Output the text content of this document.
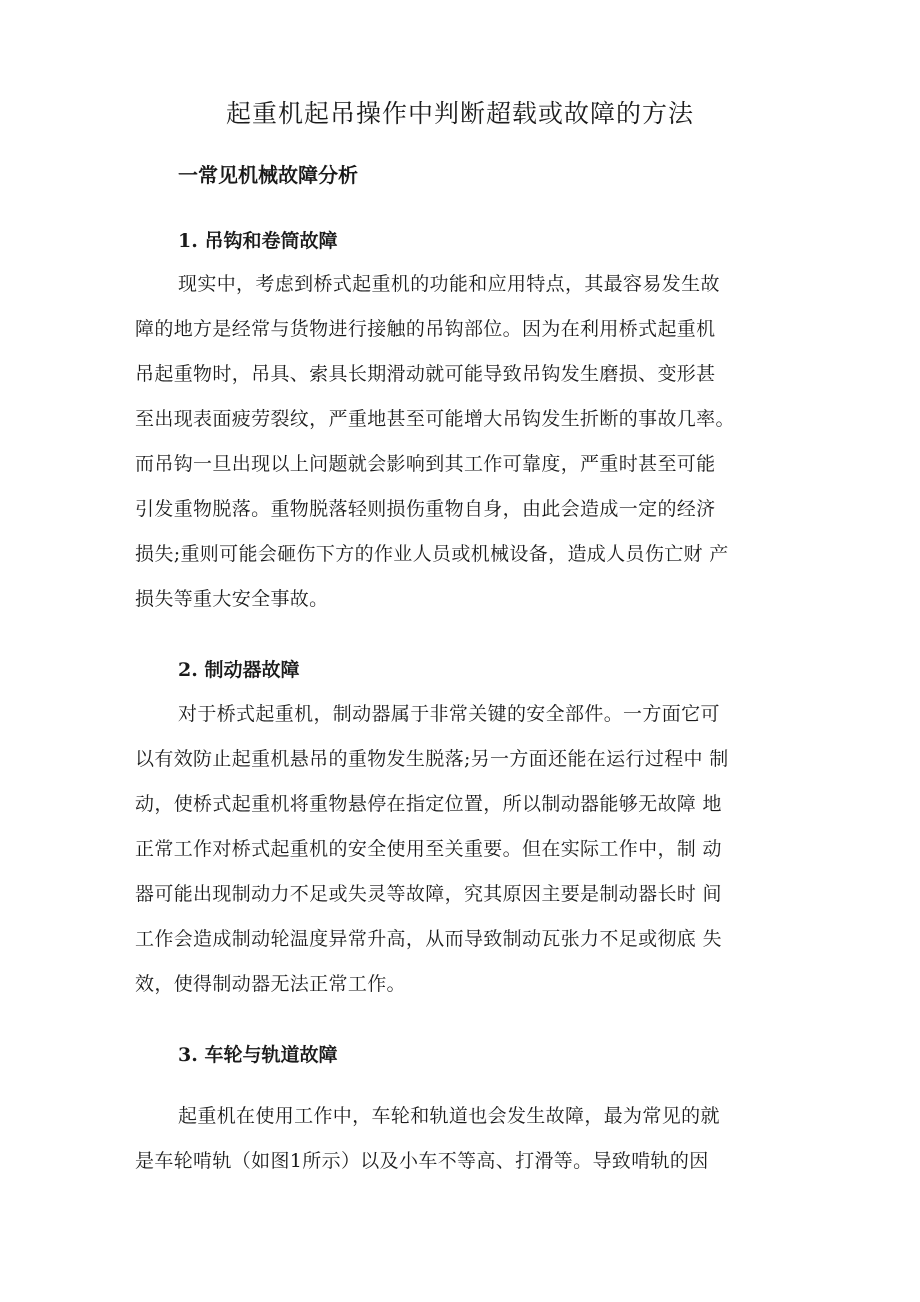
起重机起吊操作中判断超载或故障的方法
一常见机械故障分析
1. 吊钩和卷筒故障
现实中，考虑到桥式起重机的功能和应用特点，其最容易发生故
障的地方是经常与货物进行接触的吊钩部位。因为在利用桥式起重机
吊起重物时，吊具、索具长期滑动就可能导致吊钩发生磨损、变形甚
至出现表面疲劳裂纹，严重地甚至可能增大吊钩发生折断的事故几率。
而吊钩一旦出现以上问题就会影响到其工作可靠度，严重时甚至可能
引发重物脱落。重物脱落轻则损伤重物自身，由此会造成一定的经济
损失;重则可能会砸伤下方的作业人员或机械设备，造成人员伤亡财 产
损失等重大安全事故。
2. 制动器故障
对于桥式起重机，制动器属于非常关键的安全部件。一方面它可
以有效防止起重机悬吊的重物发生脱落;另一方面还能在运行过程中 制
动，使桥式起重机将重物悬停在指定位置，所以制动器能够无故障 地
正常工作对桥式起重机的安全使用至关重要。但在实际工作中，制 动
器可能出现制动力不足或失灵等故障，究其原因主要是制动器长时 间
工作会造成制动轮温度异常升高，从而导致制动瓦张力不足或彻底 失
效，使得制动器无法正常工作。
3. 车轮与轨道故障
起重机在使用工作中，车轮和轨道也会发生故障，最为常见的就
是车轮啃轨（如图1所示）以及小车不等高、打滑等。导致啃轨的因
